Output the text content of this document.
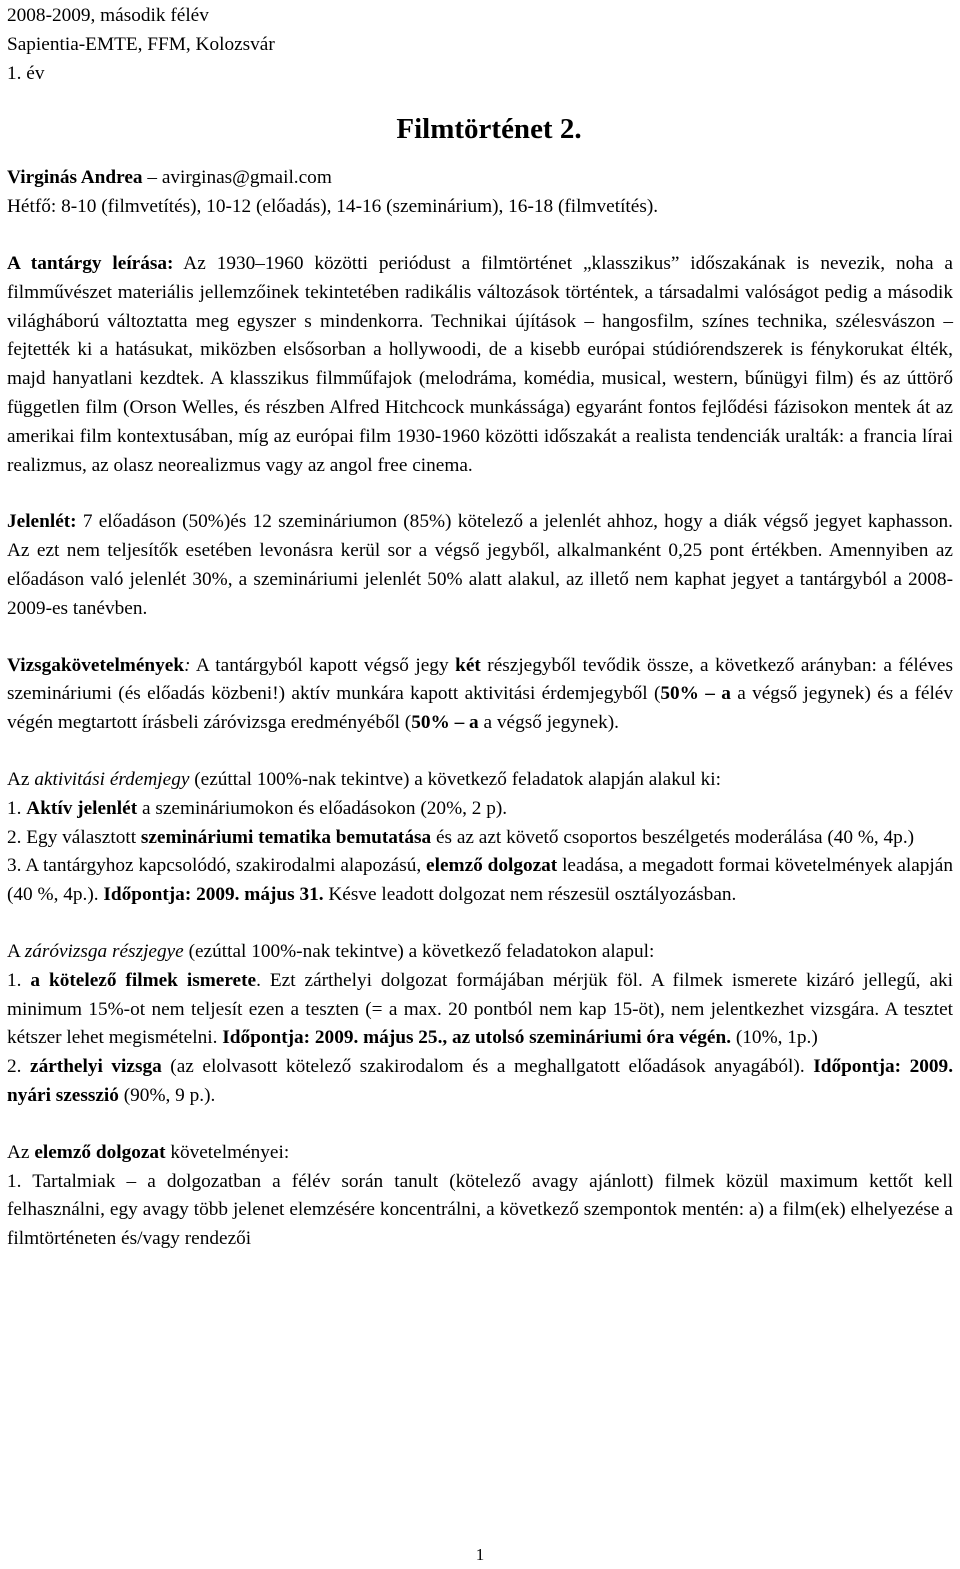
2008-2009, második félév

Sapientia-EMTE, FFM, Kolozsvár

1. év

Filmtörténet 2.

Virginás Andrea – avirginas@gmail.com

Hétfő: 8-10 (filmvetítés), 10-12 (előadás), 14-16 (szeminárium), 16-18 (filmvetítés).

A tantárgy leírása: Az 1930–1960 közötti periódust a filmtörténet „klasszikus” időszakának is nevezik, noha a filmművészet materiális jellemzőinek tekintetében radikális változások történtek, a társadalmi valóságot pedig a második világháború változtatta meg egyszer s mindenkorra. Technikai újítások – hangosfilm, színes technika, szélesvászon – fejtették ki a hatásukat, miközben elsősorban a hollywoodi, de a kisebb európai stúdiórendszerek is fénykorukat élték, majd hanyatlani kezdtek. A klasszikus filmműfajok (melodráma, komédia, musical, western, bűnügyi film) és az úttörő független film (Orson Welles, és részben Alfred Hitchcock munkássága) egyaránt fontos fejlődési fázisokon mentek át az amerikai film kontextusában, míg az európai film 1930-1960 közötti időszakát a realista tendenciák uralták: a francia lírai realizmus, az olasz neorealizmus vagy az angol free cinema.

Jelenlét: 7 előadáson (50%)és 12 szemináriumon (85%) kötelező a jelenlét ahhoz, hogy a diák végső jegyet kaphasson. Az ezt nem teljesítők esetében levonásra kerül sor a végső jegyből, alkalmanként 0,25 pont értékben. Amennyiben az előadáson való jelenlét 30%, a szemináriumi jelenlét 50% alatt alakul, az illető nem kaphat jegyet a tantárgyból a 2008-2009-es tanévben.

Vizsgakövetelmények: A tantárgyból kapott végső jegy két részjegyből tevődik össze, a következő arányban: a féléves szemináriumi (és előadás közbeni!) aktív munkára kapott aktivitási érdemjegyből (50% – a a végső jegynek) és a félév végén megtartott írásbeli záróvizsga eredményéből (50% – a a végső jegynek).

Az aktivitási érdemjegy (ezúttal 100%-nak tekintve) a következő feladatok alapján alakul ki:

1. Aktív jelenlét a szemináriumokon és előadásokon (20%, 2 p).

2. Egy választott szemináriumi tematika bemutatása és az azt követő csoportos beszélgetés moderálása (40 %, 4p.)

3. A tantárgyhoz kapcsolódó, szakirodalmi alapozású, elemző dolgozat leadása, a megadott formai követelmények alapján (40 %, 4p.). Időpontja: 2009. május 31. Késve leadott dolgozat nem részesül osztályozásban.

A záróvizsga részjegye (ezúttal 100%-nak tekintve) a következő feladatokon alapul:

1. a kötelező filmek ismerete. Ezt zárthelyi dolgozat formájában mérjük föl. A filmek ismerete kizáró jellegű, aki minimum 15%-ot nem teljesít ezen a teszten (= a max. 20 pontból nem kap 15-öt), nem jelentkezhet vizsgára. A tesztet kétszer lehet megismételni. Időpontja: 2009. május 25., az utolsó szemináriumi óra végén. (10%, 1p.)

2. zárthelyi vizsga (az elolvasott kötelező szakirodalom és a meghallgatott előadások anyagából). Időpontja: 2009. nyári szesszió (90%, 9 p.).

Az elemző dolgozat követelményei:

1. Tartalmiak – a dolgozatban a félév során tanult (kötelező avagy ajánlott) filmek közül maximum kettőt kell felhasználni, egy avagy több jelenet elemzésére koncentrálni, a következő szempontok mentén: a) a film(ek) elhelyezése a filmtörténeten és/vagy rendezői

1
